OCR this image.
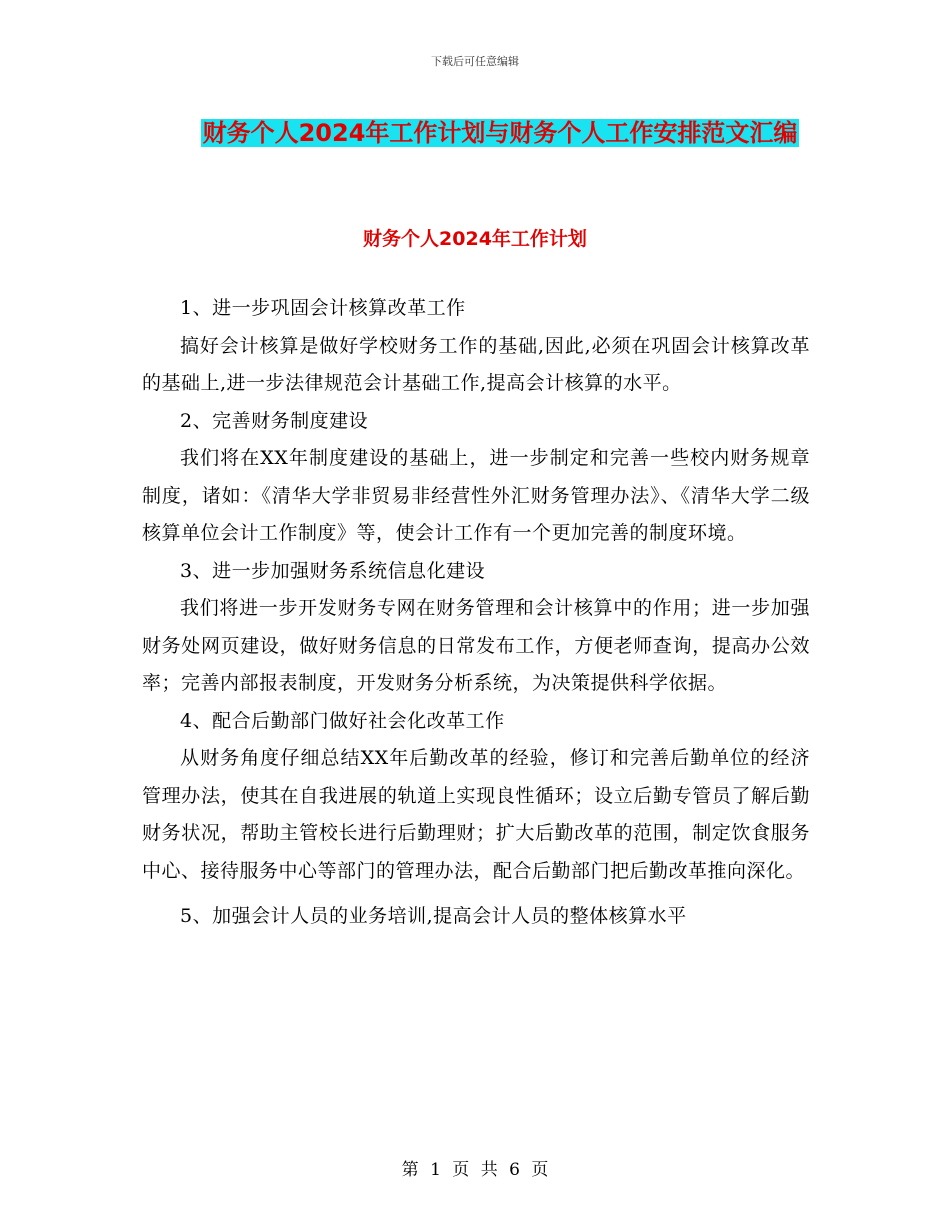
下载后可任意编辑
财务个人2024年工作计划与财务个人工作安排范文汇编
财务个人2024年工作计划

1、进一步巩固会计核算改革工作

搞好会计核算是做好学校财务工作的基础,因此,必须在巩固会计核算改革的基础上,进一步法律规范会计基础工作,提高会计核算的水平。

2、完善财务制度建设

我们将在XX年制度建设的基础上，进一步制定和完善一些校内财务规章制度，诸如：《清华大学非贸易非经营性外汇财务管理办法》、《清华大学二级核算单位会计工作制度》等，使会计工作有一个更加完善的制度环境。

3、进一步加强财务系统信息化建设

我们将进一步开发财务专网在财务管理和会计核算中的作用；进一步加强财务处网页建设，做好财务信息的日常发布工作，方便老师查询，提高办公效率；完善内部报表制度，开发财务分析系统，为决策提供科学依据。

4、配合后勤部门做好社会化改革工作

从财务角度仔细总结XX年后勤改革的经验，修订和完善后勤单位的经济管理办法，使其在自我进展的轨道上实现良性循环；设立后勤专管员了解后勤财务状况，帮助主管校长进行后勤理财；扩大后勤改革的范围，制定饮食服务中心、接待服务中心等部门的管理办法，配合后勤部门把后勤改革推向深化。

5、加强会计人员的业务培训,提高会计人员的整体核算水平

第 1 页 共 6 页
